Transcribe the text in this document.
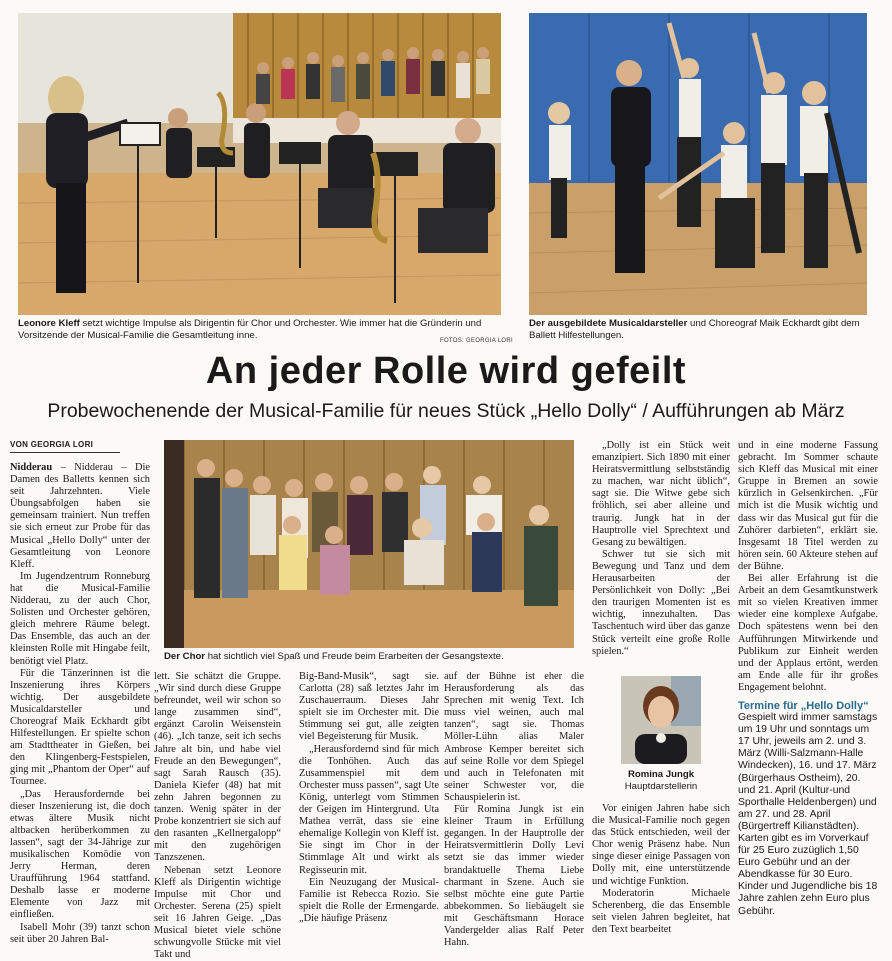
Leonore Kleff setzt wichtige Impulse als Dirigentin für Chor und Orchester. Wie immer hat die Gründerin und Vorsitzende der Musical-Familie die Gesamtleitung inne.	FOTOS: GEORGIA LORI
Der ausgebildete Musicaldarsteller und Choreograf Maik Eckhardt gibt dem Ballett Hilfestellungen.
An jeder Rolle wird gefeilt
Probewochenende der Musical-Familie für neues Stück „Hello Dolly“ / Aufführungen ab März
VON GEORGIA LORI

Nidderau – Nidderau – Die Damen des Balletts kennen sich seit Jahrzehnten. Viele Übungsabfolgen haben sie gemeinsam trainiert. Nun treffen sie sich erneut zur Probe für das Musical „Hello Dolly“ unter der Gesamtleitung von Leonore Kleff.

Im Jugendzentrum Ronneburg hat die Musical-Familie Nidderau, zu der auch Chor, Solisten und Orchester gehören, gleich mehrere Räume belegt. Das Ensemble, das auch an der kleinsten Rolle mit Hingabe feilt, benötigt viel Platz.

Für die Tänzerinnen ist die Inszenierung ihres Körpers wichtig. Der ausgebildete Musicaldarsteller und Choreograf Maik Eckhardt gibt Hilfestellungen. Er spielte schon am Stadttheater in Gießen, bei den Klingenberg-Festspielen, ging mit „Phantom der Oper“ auf Tournee.

„Das Herausfordernde bei dieser Inszenierung ist, die doch etwas ältere Musik nicht altbacken herüberkommen zu lassen“, sagt der 34-Jährige zur musikalischen Komödie von Jerry Herman, deren Uraufführung 1964 stattfand. Deshalb lasse er moderne Elemente von Jazz mit einfließen.

Isabell Mohr (39) tanzt schon seit über 20 Jahren Bal-

Der Chor hat sichtlich viel Spaß und Freude beim Erarbeiten der Gesangstexte.

lett. Sie schätzt die Gruppe. „Wir sind durch diese Gruppe befreundet, weil wir schon so lange zusammen sind“, ergänzt Carolin Weisenstein (46). „Ich tanze, seit ich sechs Jahre alt bin, und habe viel Freude an den Bewegungen“, sagt Sarah Rausch (35). Daniela Kiefer (48) hat mit zehn Jahren begonnen zu tanzen. Wenig später in der Probe konzentriert sie sich auf den rasanten „Kellnergalopp“ mit den zugehörigen Tanzszenen.

Nebenan setzt Leonore Kleff als Dirigentin wichtige Impulse mit Chor und Orchester. Serena (25) spielt seit 16 Jahren Geige. „Das Musical bietet viele schöne schwungvolle Stücke mit viel Takt und

Big-Band-Musik“, sagt sie. Carlotta (28) saß letztes Jahr im Zuschauerraum. Dieses Jahr spielt sie im Orchester mit. Die Stimmung sei gut, alle zeigten viel Begeisterung für Musik.

„Herausfordernd sind für mich die Tonhöhen. Auch das Zusammenspiel mit dem Orchester muss passen“, sagt Ute König, unterlegt vom Stimmen der Geigen im Hintergrund. Uta Mathea verrät, dass sie eine ehemalige Kollegin von Kleff ist. Sie singt im Chor in der Stimmlage Alt und wirkt als Regisseurin mit.

Ein Neuzugang der Musical-Familie ist Rebecca Rozio. Sie spielt die Rolle der Ermengarde. „Die häufige Präsenz

auf der Bühne ist eher die Herausforderung als das Sprechen mit wenig Text. Ich muss viel weinen, auch mal tanzen“, sagt sie. Thomas Möller-Lühn alias Maler Ambrose Kemper bereitet sich auf seine Rolle vor dem Spiegel und auch in Telefonaten mit seiner Schwester vor, die Schauspielerin ist.

Für Romina Jungk ist ein kleiner Traum in Erfüllung gegangen. In der Hauptrolle der Heiratsvermittlerin Dolly Levi setzt sie das immer wieder brandaktuelle Thema Liebe charmant in Szene. Auch sie selbst möchte eine gute Partie abbekommen. So liebäugelt sie mit Geschäftsmann Horace Vandergelder alias Ralf Peter Hahn.

„Dolly ist ein Stück weit emanzipiert. Sich 1890 mit einer Heiratsvermittlung selbstständig zu machen, war nicht üblich“, sagt sie. Die Witwe gebe sich fröhlich, sei aber alleine und traurig. Jungk hat in der Hauptrolle viel Sprechtext und Gesang zu bewältigen.

Schwer tut sie sich mit Bewegung und Tanz und dem Herausarbeiten der Persönlichkeit von Dolly: „Bei den traurigen Momenten ist es wichtig, innezuhalten. Das Taschentuch wird über das ganze Stück verteilt eine große Rolle spielen.“

Romina Jungk
Hauptdarstellerin

Vor einigen Jahren habe sich die Musical-Familie noch gegen das Stück entschieden, weil der Chor wenig Präsenz habe. Nun singe dieser einige Passagen von Dolly mit, eine unterstützende und wichtige Funktion.

Moderatorin Michaele Scherenberg, die das Ensemble seit vielen Jahren begleitet, hat den Text bearbeitet

und in eine moderne Fassung gebracht. Im Sommer schaute sich Kleff das Musical mit einer Gruppe in Bremen an sowie kürzlich in Gelsenkirchen. „Für mich ist die Musik wichtig und dass wir das Musical gut für die Zuhörer darbieten“, erklärt sie. Insgesamt 18 Titel werden zu hören sein. 60 Akteure stehen auf der Bühne.

Bei aller Erfahrung ist die Arbeit an dem Gesamtkunstwerk mit so vielen Kreativen immer wieder eine komplexe Aufgabe. Doch spätestens wenn bei den Aufführungen Mitwirkende und Publikum zur Einheit werden und der Applaus ertönt, werden am Ende alle für ihr großes Engagement belohnt.

Termine für „Hello Dolly“
Gespielt wird immer samstags um 19 Uhr und sonntags um 17 Uhr, jeweils am 2. und 3. März (Willi-Salzmann-Halle Windecken), 16. und 17. März (Bürgerhaus Ostheim), 20. und 21. April (Kultur-und Sporthalle Heldenbergen) und am 27. und 28. April (Bürgertreff Kilianstädten). Karten gibt es im Vorverkauf für 25 Euro zuzüglich 1,50 Euro Gebühr und an der Abendkasse für 30 Euro. Kinder und Jugendliche bis 18 Jahre zahlen zehn Euro plus Gebühr.
